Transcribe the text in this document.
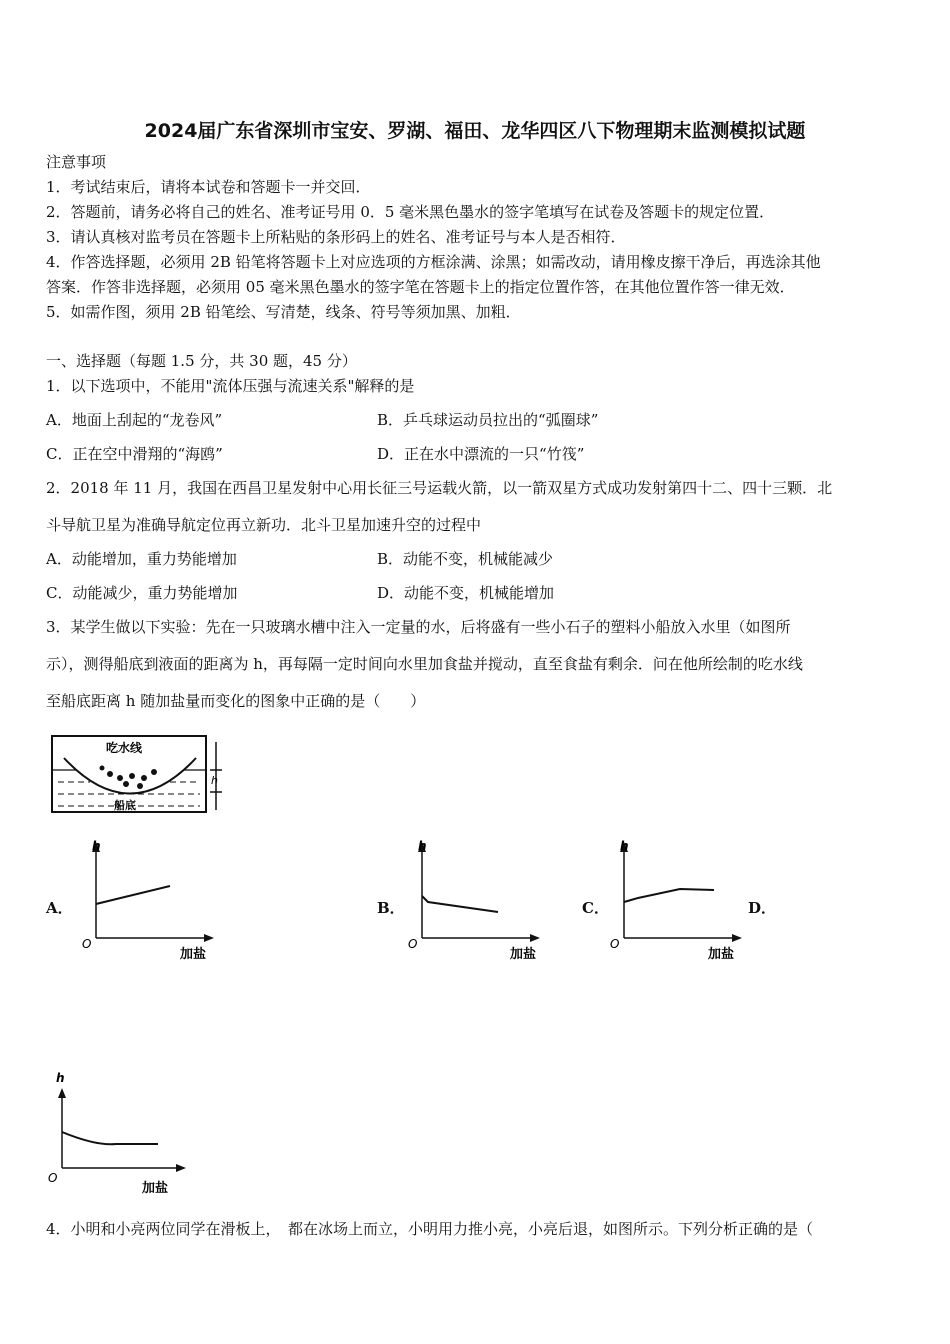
2024届广东省深圳市宝安、罗湖、福田、龙华四区八下物理期末监测模拟试题
注意事项
1．考试结束后，请将本试卷和答题卡一并交回．
2．答题前，请务必将自己的姓名、准考证号用 0．5 毫米黑色墨水的签字笔填写在试卷及答题卡的规定位置．
3．请认真核对监考员在答题卡上所粘贴的条形码上的姓名、准考证号与本人是否相符．
4．作答选择题，必须用 2B 铅笔将答题卡上对应选项的方框涂满、涂黑；如需改动，请用橡皮擦干净后，再选涂其他
答案．作答非选择题，必须用 05 毫米黑色墨水的签字笔在答题卡上的指定位置作答，在其他位置作答一律无效．
5．如需作图，须用 2B 铅笔绘、写清楚，线条、符号等须加黑、加粗．
一、选择题（每题 1.5 分，共 30 题，45 分）
1．以下选项中，不能用"流体压强与流速关系"解释的是
A．地面上刮起的“龙卷风”	B．乒乓球运动员拉出的“弧圈球”
C．正在空中滑翔的“海鸥”	D．正在水中漂流的一只“竹筏”
2．2018 年 11 月，我国在西昌卫星发射中心用长征三号运载火箭，以一箭双星方式成功发射第四十二、四十三颗．北
斗导航卫星为准确导航定位再立新功．北斗卫星加速升空的过程中
A．动能增加，重力势能增加	B．动能不变，机械能减少
C．动能减少，重力势能增加	D．动能不变，机械能增加
3．某学生做以下实验：先在一只玻璃水槽中注入一定量的水，后将盛有一些小石子的塑料小船放入水里（如图所
示），测得船底到液面的距离为 h，再每隔一定时间向水里加食盐并搅动，直至食盐有剩余．问在他所绘制的吃水线
至船底距离 h 随加盐量而变化的图象中正确的是（　　）
吃水线
船底
h
A．
h
O
加盐
B．
h
O
加盐
C．
h
O
加盐
D．
h
O
加盐
4．小明和小亮两位同学在滑板上，　都在冰场上而立，小明用力推小亮，小亮后退，如图所示。下列分析正确的是（
